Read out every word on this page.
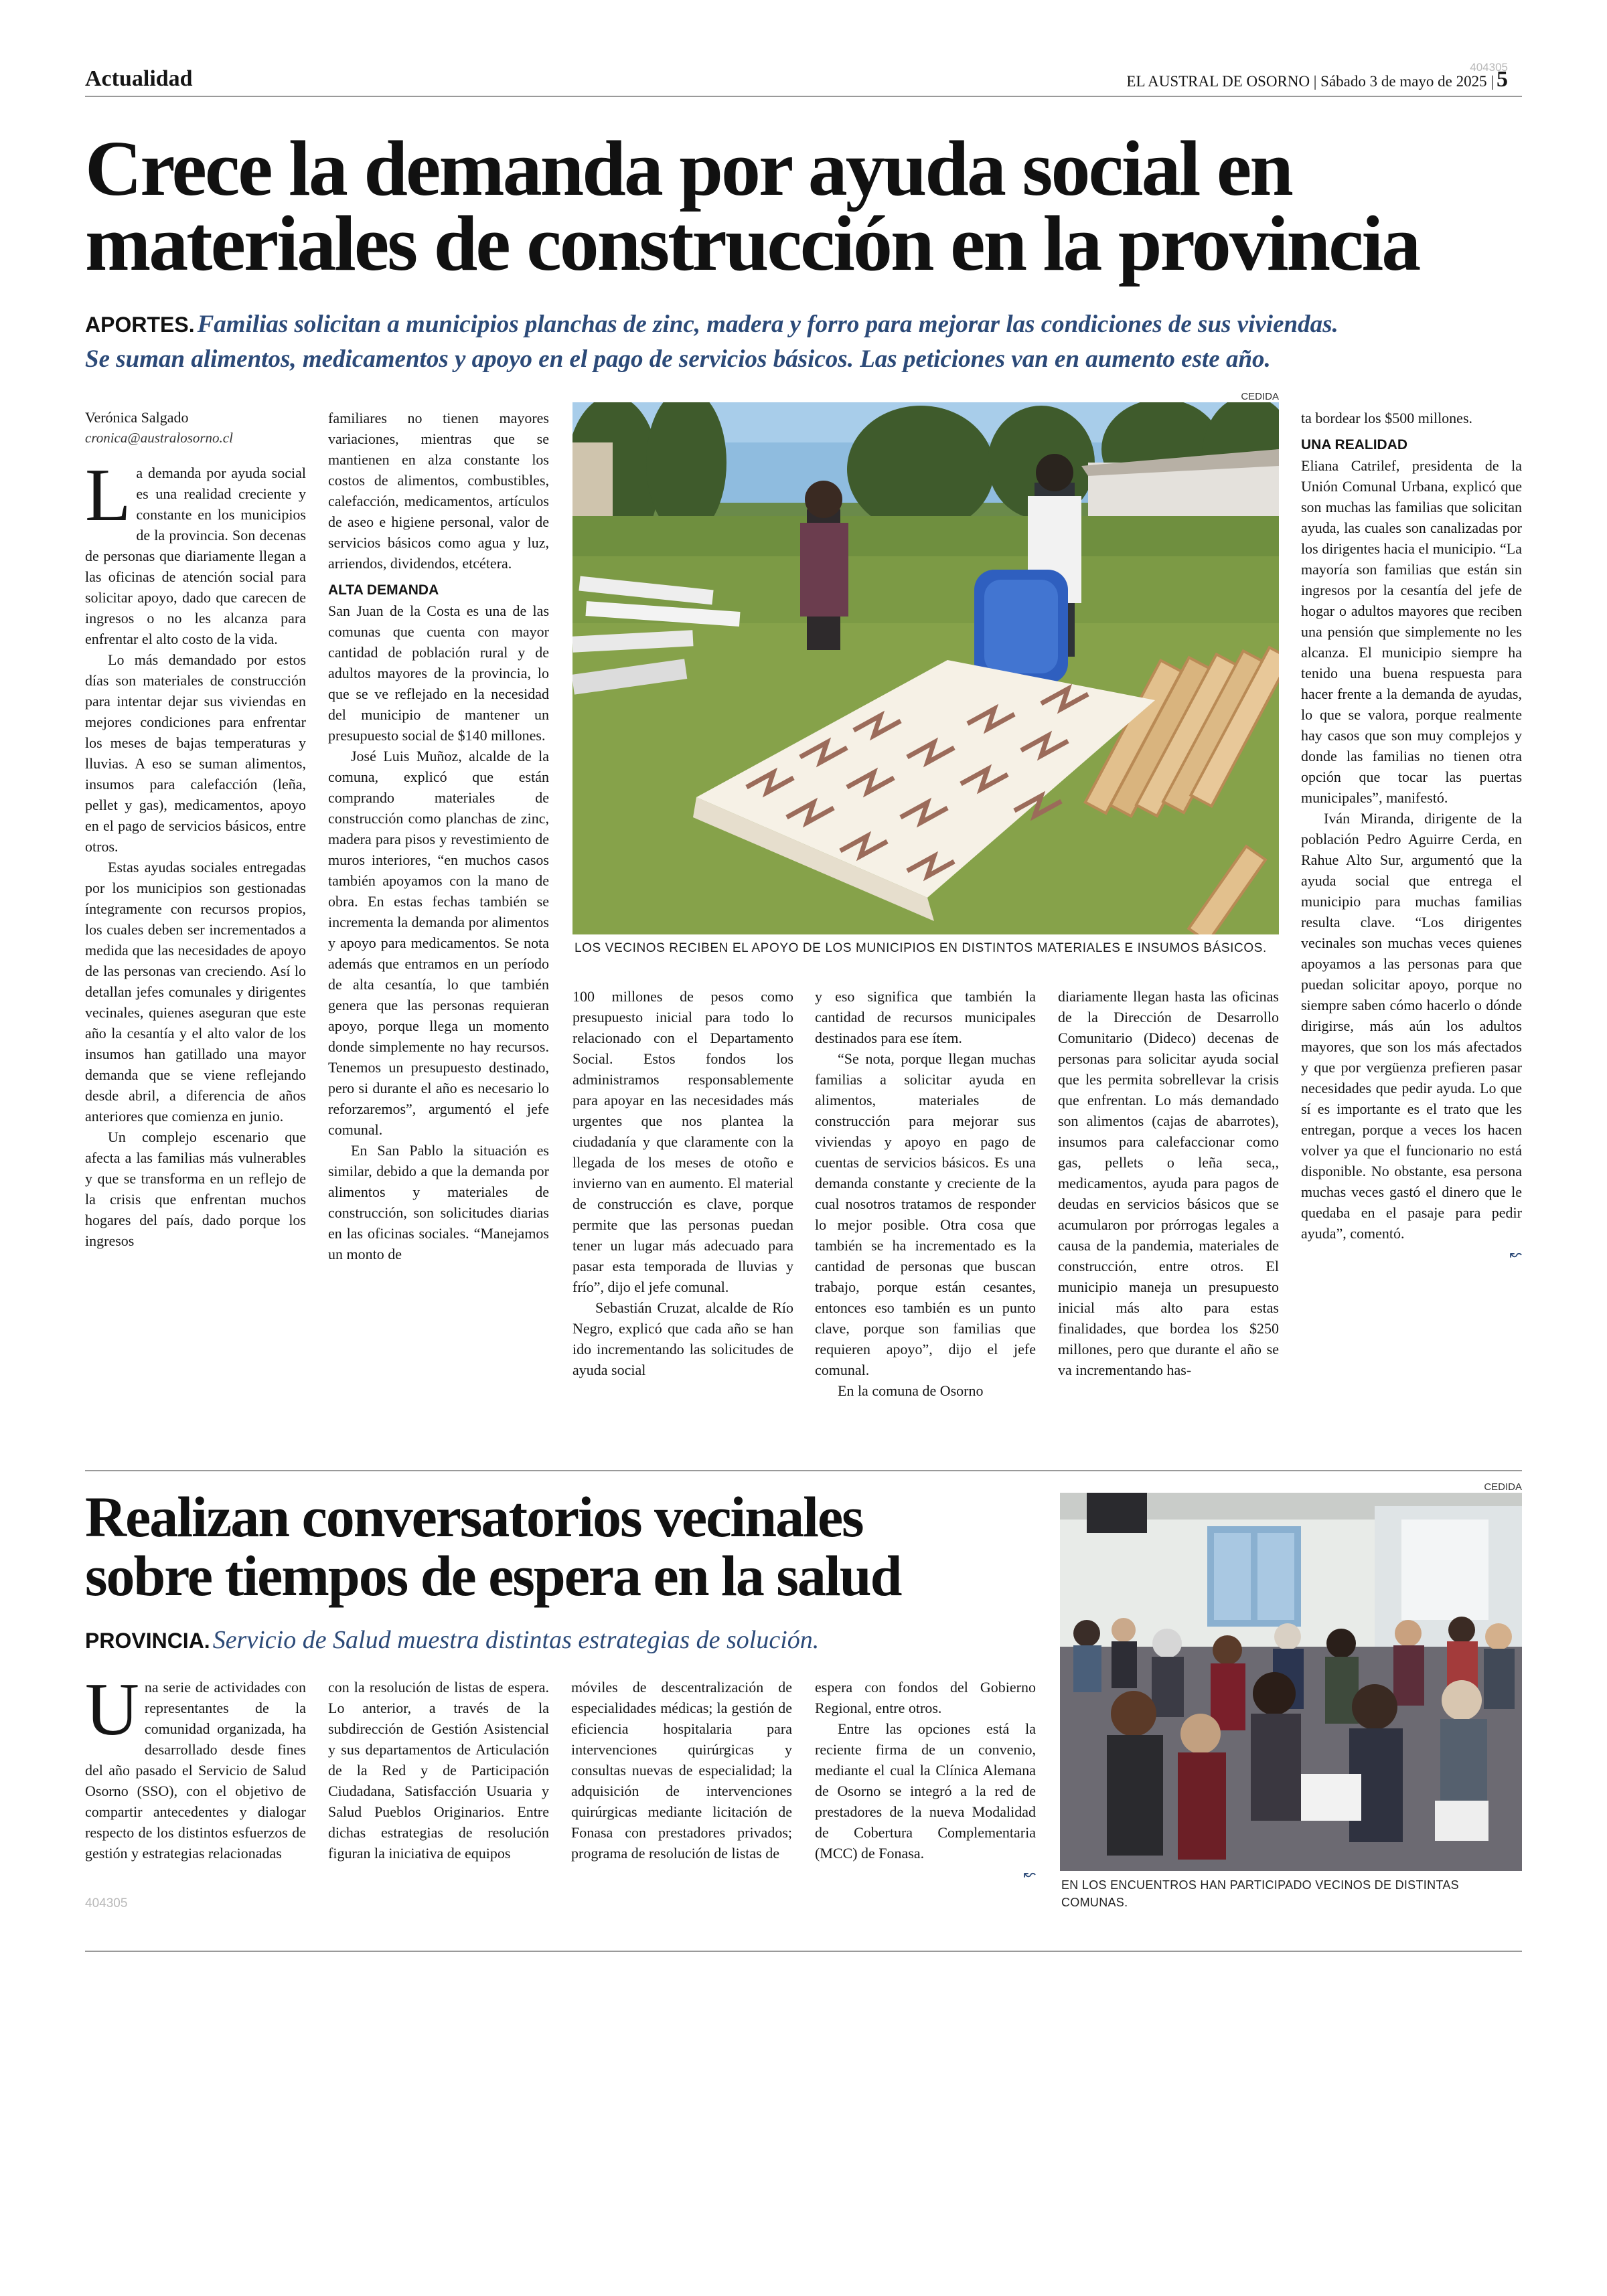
Actualidad	404305
EL AUSTRAL DE OSORNO | Sábado 3 de mayo de 2025 | 5
Crece la demanda por ayuda social en
materiales de construcción en la provincia
APORTES. Familias solicitan a municipios planchas de zinc, madera y forro para mejorar las condiciones de sus viviendas.
Se suman alimentos, medicamentos y apoyo en el pago de servicios básicos. Las peticiones van en aumento este año.
Verónica Salgado
cronica@australosorno.cl

La demanda por ayuda social es una realidad creciente y constante en los municipios de la provincia. Son decenas de personas que diariamente llegan a las oficinas de atención social para solicitar apoyo, dado que carecen de ingresos o no les alcanza para enfrentar el alto costo de la vida.

Lo más demandado por estos días son materiales de construcción para intentar dejar sus viviendas en mejores condiciones para enfrentar los meses de bajas temperaturas y lluvias. A eso se suman alimentos, insumos para calefacción (leña, pellet y gas), medicamentos, apoyo en el pago de servicios básicos, entre otros.

Estas ayudas sociales entregadas por los municipios son gestionadas íntegramente con recursos propios, los cuales deben ser incrementados a medida que las necesidades de apoyo de las personas van creciendo. Así lo detallan jefes comunales y dirigentes vecinales, quienes aseguran que este año la cesantía y el alto valor de los insumos han gatillado una mayor demanda que se viene reflejando desde abril, a diferencia de años anteriores que comienza en junio.

Un complejo escenario que afecta a las familias más vulnerables y que se transforma en un reflejo de la crisis que enfrentan muchos hogares del país, dado porque los ingresos

familiares no tienen mayores variaciones, mientras que se mantienen en alza constante los costos de alimentos, combustibles, calefacción, medicamentos, artículos de aseo e higiene personal, valor de servicios básicos como agua y luz, arriendos, dividendos, etcétera.

ALTA DEMANDA

San Juan de la Costa es una de las comunas que cuenta con mayor cantidad de población rural y de adultos mayores de la provincia, lo que se ve reflejado en la necesidad del municipio de mantener un presupuesto social de $140 millones.

José Luis Muñoz, alcalde de la comuna, explicó que están comprando materiales de construcción como planchas de zinc, madera para pisos y revestimiento de muros interiores, “en muchos casos también apoyamos con la mano de obra. En estas fechas también se incrementa la demanda por alimentos y apoyo para medicamentos. Se nota además que entramos en un período de alta cesantía, lo que también genera que las personas requieran apoyo, porque llega un momento donde simplemente no hay recursos. Tenemos un presupuesto destinado, pero si durante el año es necesario lo reforzaremos”, argumentó el jefe comunal.

En San Pablo la situación es similar, debido a que la demanda por alimentos y materiales de construcción, son solicitudes diarias en las oficinas sociales. “Manejamos un monto de

CEDIDA
LOS VECINOS RECIBEN EL APOYO DE LOS MUNICIPIOS EN DISTINTOS MATERIALES E INSUMOS BÁSICOS.

100 millones de pesos como presupuesto inicial para todo lo relacionado con el Departamento Social. Estos fondos los administramos responsablemente para apoyar en las necesidades más urgentes que nos plantea la ciudadanía y que claramente con la llegada de los meses de otoño e invierno van en aumento. El material de construcción es clave, porque permite que las personas puedan tener un lugar más adecuado para pasar esta temporada de lluvias y frío”, dijo el jefe comunal.

Sebastián Cruzat, alcalde de Río Negro, explicó que cada año se han ido incrementando las solicitudes de ayuda social

y eso significa que también la cantidad de recursos municipales destinados para ese ítem.

“Se nota, porque llegan muchas familias a solicitar ayuda en alimentos, materiales de construcción para mejorar sus viviendas y apoyo en pago de cuentas de servicios básicos. Es una demanda constante y creciente de la cual nosotros tratamos de responder lo mejor posible. Otra cosa que también se ha incrementado es la cantidad de personas que buscan trabajo, porque están cesantes, entonces eso también es un punto clave, porque son familias que requieren apoyo”, dijo el jefe comunal.

En la comuna de Osorno

diariamente llegan hasta las oficinas de la Dirección de Desarrollo Comunitario (Dideco) decenas de personas para solicitar ayuda social que les permita sobrellevar la crisis que enfrentan. Lo más demandado son alimentos (cajas de abarrotes), insumos para calefaccionar como gas, pellets o leña seca,, medicamentos, ayuda para pagos de deudas en servicios básicos que se acumularon por prórrogas legales a causa de la pandemia, materiales de construcción, entre otros. El municipio maneja un presupuesto inicial más alto para estas finalidades, que bordea los $250 millones, pero que durante el año se va incrementando has-

ta bordear los $500 millones.

UNA REALIDAD

Eliana Catrilef, presidenta de la Unión Comunal Urbana, explicó que son muchas las familias que solicitan ayuda, las cuales son canalizadas por los dirigentes hacia el municipio. “La mayoría son familias que están sin ingresos por la cesantía del jefe de hogar o adultos mayores que reciben una pensión que simplemente no les alcanza. El municipio siempre ha tenido una buena respuesta para hacer frente a la demanda de ayudas, lo que se valora, porque realmente hay casos que son muy complejos y donde las familias no tienen otra opción que tocar las puertas municipales”, manifestó.

Iván Miranda, dirigente de la población Pedro Aguirre Cerda, en Rahue Alto Sur, argumentó que la ayuda social que entrega el municipio para muchas familias resulta clave. “Los dirigentes vecinales son muchas veces quienes apoyamos a las personas para que puedan solicitar apoyo, porque no siempre saben cómo hacerlo o dónde dirigirse, más aún los adultos mayores, que son los más afectados y que por vergüenza prefieren pasar necesidades que pedir ayuda. Lo que sí es importante es el trato que les entregan, porque a veces los hacen volver ya que el funcionario no está disponible. No obstante, esa persona muchas veces gastó el dinero que le quedaba en el pasaje para pedir ayuda”, comentó.

↜
Realizan conversatorios vecinales
sobre tiempos de espera en la salud
PROVINCIA. Servicio de Salud muestra distintas estrategias de solución.

Una serie de actividades con representantes de la comunidad organizada, ha desarrollado desde fines del año pasado el Servicio de Salud Osorno (SSO), con el objetivo de compartir antecedentes y dialogar respecto de los distintos esfuerzos de gestión y estrategias relacionadas

con la resolución de listas de espera. Lo anterior, a través de la subdirección de Gestión Asistencial y sus departamentos de Articulación de la Red y de Participación Ciudadana, Satisfacción Usuaria y Salud Pueblos Originarios. Entre dichas estrategias de resolución figuran la iniciativa de equipos

móviles de descentralización de especialidades médicas; la gestión de eficiencia hospitalaria para intervenciones quirúrgicas y consultas nuevas de especialidad; la adquisición de intervenciones quirúrgicas mediante licitación de Fonasa con prestadores privados; programa de resolución de listas de

espera con fondos del Gobierno Regional, entre otros.

Entre las opciones está la reciente firma de un convenio, mediante el cual la Clínica Alemana de Osorno se integró a la red de prestadores de la nueva Modalidad de Cobertura Complementaria (MCC) de Fonasa.

↜
404305
CEDIDA
EN LOS ENCUENTROS HAN PARTICIPADO VECINOS DE DISTINTAS COMUNAS.
